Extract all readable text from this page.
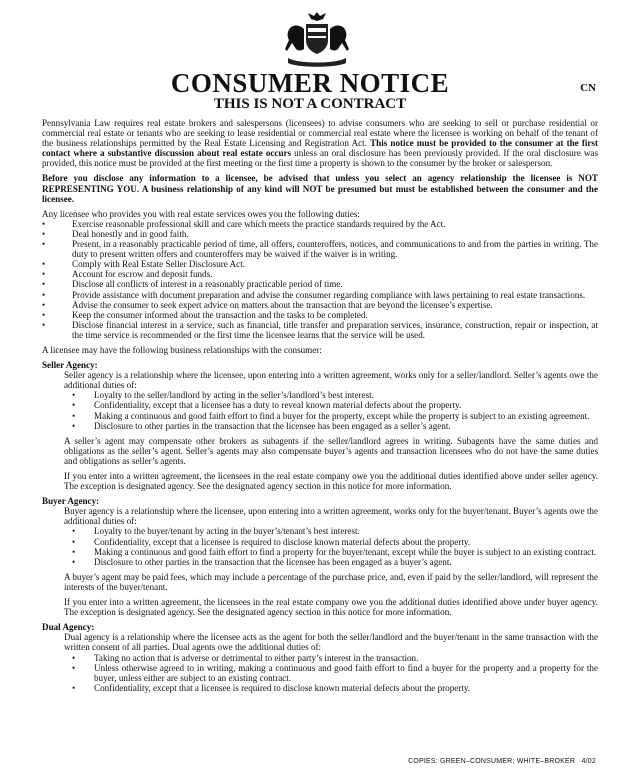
CN
CONSUMER NOTICE
THIS IS NOT A CONTRACT

Pennsylvania Law requires real estate brokers and salespersons (licensees) to advise consumers who are seeking to sell or purchase residential or commercial real estate or tenants who are seeking to lease residential or commercial real estate where the licensee is working on behalf of the tenant of the business relationships permitted by the Real Estate Licensing and Registration Act. This notice must be provided to the consumer at the first contact where a substantive discussion about real estate occurs unless an oral disclosure has been previously provided. If the oral disclosure was provided, this notice must be provided at the first meeting or the first time a property is shown to the consumer by the broker or salesperson.

Before you disclose any information to a licensee, be advised that unless you select an agency relationship the licensee is NOT REPRESENTING YOU. A business relationship of any kind will NOT be presumed but must be established between the consumer and the licensee.

Any licensee who provides you with real estate services owes you the following duties:
• Exercise reasonable professional skill and care which meets the practice standards required by the Act.
• Deal honestly and in good faith.
• Present, in a reasonably practicable period of time, all offers, counteroffers, notices, and communications to and from the parties in writing. The duty to present written offers and counteroffers may be waived if the waiver is in writing.
• Comply with Real Estate Seller Disclosure Act.
• Account for escrow and deposit funds.
• Disclose all conflicts of interest in a reasonably practicable period of time.
• Provide assistance with document preparation and advise the consumer regarding compliance with laws pertaining to real estate transactions.
• Advise the consumer to seek expert advice on matters about the transaction that are beyond the licensee’s expertise.
• Keep the consumer informed about the transaction and the tasks to be completed.
• Disclose financial interest in a service, such as financial, title transfer and preparation services, insurance, construction, repair or inspection, at the time service is recommended or the first time the licensee learns that the service will be used.

A licensee may have the following business relationships with the consumer:

Seller Agency:
Seller agency is a relationship where the licensee, upon entering into a written agreement, works only for a seller/landlord. Seller’s agents owe the additional duties of:
• Loyalty to the seller/landlord by acting in the seller’s/landlord’s best interest.
• Confidentiality, except that a licensee has a duty to reveal known material defects about the property.
• Making a continuous and good faith effort to find a buyer for the property, except while the property is subject to an existing agreement.
• Disclosure to other parties in the transaction that the licensee has been engaged as a seller’s agent.

A seller’s agent may compensate other brokers as subagents if the seller/landlord agrees in writing. Subagents have the same duties and obligations as the seller’s agent. Seller’s agents may also compensate buyer’s agents and transaction licensees who do not have the same duties and obligations as seller’s agents.

If you enter into a written agreement, the licensees in the real estate company owe you the additional duties identified above under seller agency. The exception is designated agency. See the designated agency section in this notice for more information.

Buyer Agency:
Buyer agency is a relationship where the licensee, upon entering into a written agreement, works only for the buyer/tenant. Buyer’s agents owe the additional duties of:
• Loyalty to the buyer/tenant by acting in the buyer’s/tenant’s best interest.
• Confidentiality, except that a licensee is required to disclose known material defects about the property.
• Making a continuous and good faith effort to find a property for the buyer/tenant, except while the buyer is subject to an existing contract.
• Disclosure to other parties in the transaction that the licensee has been engaged as a buyer’s agent.

A buyer’s agent may be paid fees, which may include a percentage of the purchase price, and, even if paid by the seller/landlord, will represent the interests of the buyer/tenant.

If you enter into a written agreement, the licensees in the real estate company owe you the additional duties identified above under buyer agency. The exception is designated agency. See the designated agency section in this notice for more information.

Dual Agency:
Dual agency is a relationship where the licensee acts as the agent for both the seller/landlord and the buyer/tenant in the same transaction with the written consent of all parties. Dual agents owe the additional duties of:
• Taking no action that is adverse or detrimental to either party’s interest in the transaction.
• Unless otherwise agreed to in writing, making a continuous and good faith effort to find a buyer for the property and a property for the buyer, unless either are subject to an existing contract.
• Confidentiality, except that a licensee is required to disclose known material defects about the property.
COPIES: GREEN–CONSUMER; WHITE–BROKER 4/02
